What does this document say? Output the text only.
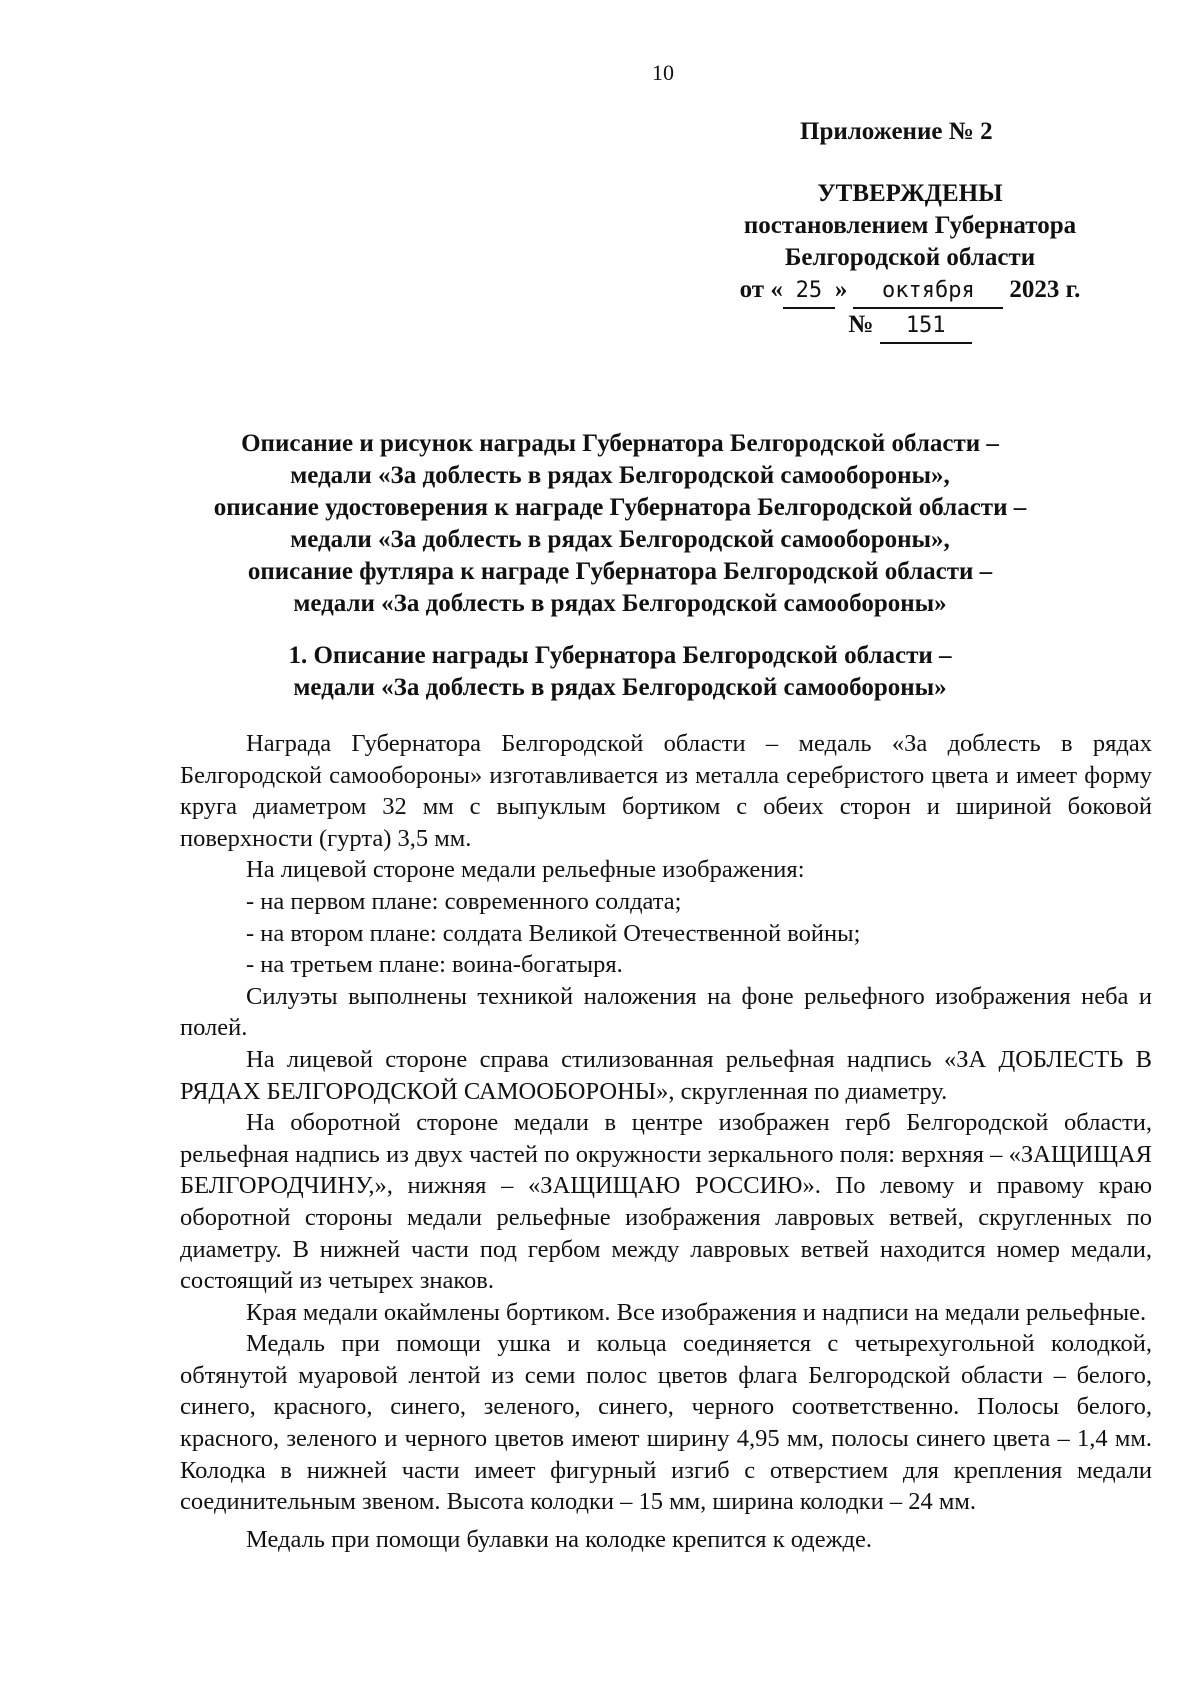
10
Приложение № 2
УТВЕРЖДЕНЫ
постановлением Губернатора
Белгородской области
от « 25 » октября 2023 г.
№ 151
Описание и рисунок награды Губернатора Белгородской области –
медали «За доблесть в рядах Белгородской самообороны»,
описание удостоверения к награде Губернатора Белгородской области –
медали «За доблесть в рядах Белгородской самообороны»,
описание футляра к награде Губернатора Белгородской области –
медали «За доблесть в рядах Белгородской самообороны»
1. Описание награды Губернатора Белгородской области –
медали «За доблесть в рядах Белгородской самообороны»

Награда Губернатора Белгородской области – медаль «За доблесть в рядах Белгородской самообороны» изготавливается из металла серебристого цвета и имеет форму круга диаметром 32 мм с выпуклым бортиком с обеих сторон и шириной боковой поверхности (гурта) 3,5 мм.

На лицевой стороне медали рельефные изображения:

- на первом плане: современного солдата;

- на втором плане: солдата Великой Отечественной войны;

- на третьем плане: воина-богатыря.

Силуэты выполнены техникой наложения на фоне рельефного изображения неба и полей.

На лицевой стороне справа стилизованная рельефная надпись «ЗА ДОБЛЕСТЬ В РЯДАХ БЕЛГОРОДСКОЙ САМООБОРОНЫ», скругленная по диаметру.

На оборотной стороне медали в центре изображен герб Белгородской области, рельефная надпись из двух частей по окружности зеркального поля: верхняя – «ЗАЩИЩАЯ БЕЛГОРОДЧИНУ,», нижняя – «ЗАЩИЩАЮ РОССИЮ». По левому и правому краю оборотной стороны медали рельефные изображения лавровых ветвей, скругленных по диаметру. В нижней части под гербом между лавровых ветвей находится номер медали, состоящий из четырех знаков.

Края медали окаймлены бортиком. Все изображения и надписи на медали рельефные.

Медаль при помощи ушка и кольца соединяется с четырехугольной колодкой, обтянутой муаровой лентой из семи полос цветов флага Белгородской области – белого, синего, красного, синего, зеленого, синего, черного соответственно. Полосы белого, красного, зеленого и черного цветов имеют ширину 4,95 мм, полосы синего цвета – 1,4 мм. Колодка в нижней части имеет фигурный изгиб с отверстием для крепления медали соединительным звеном. Высота колодки – 15 мм, ширина колодки – 24 мм.

Медаль при помощи булавки на колодке крепится к одежде.
